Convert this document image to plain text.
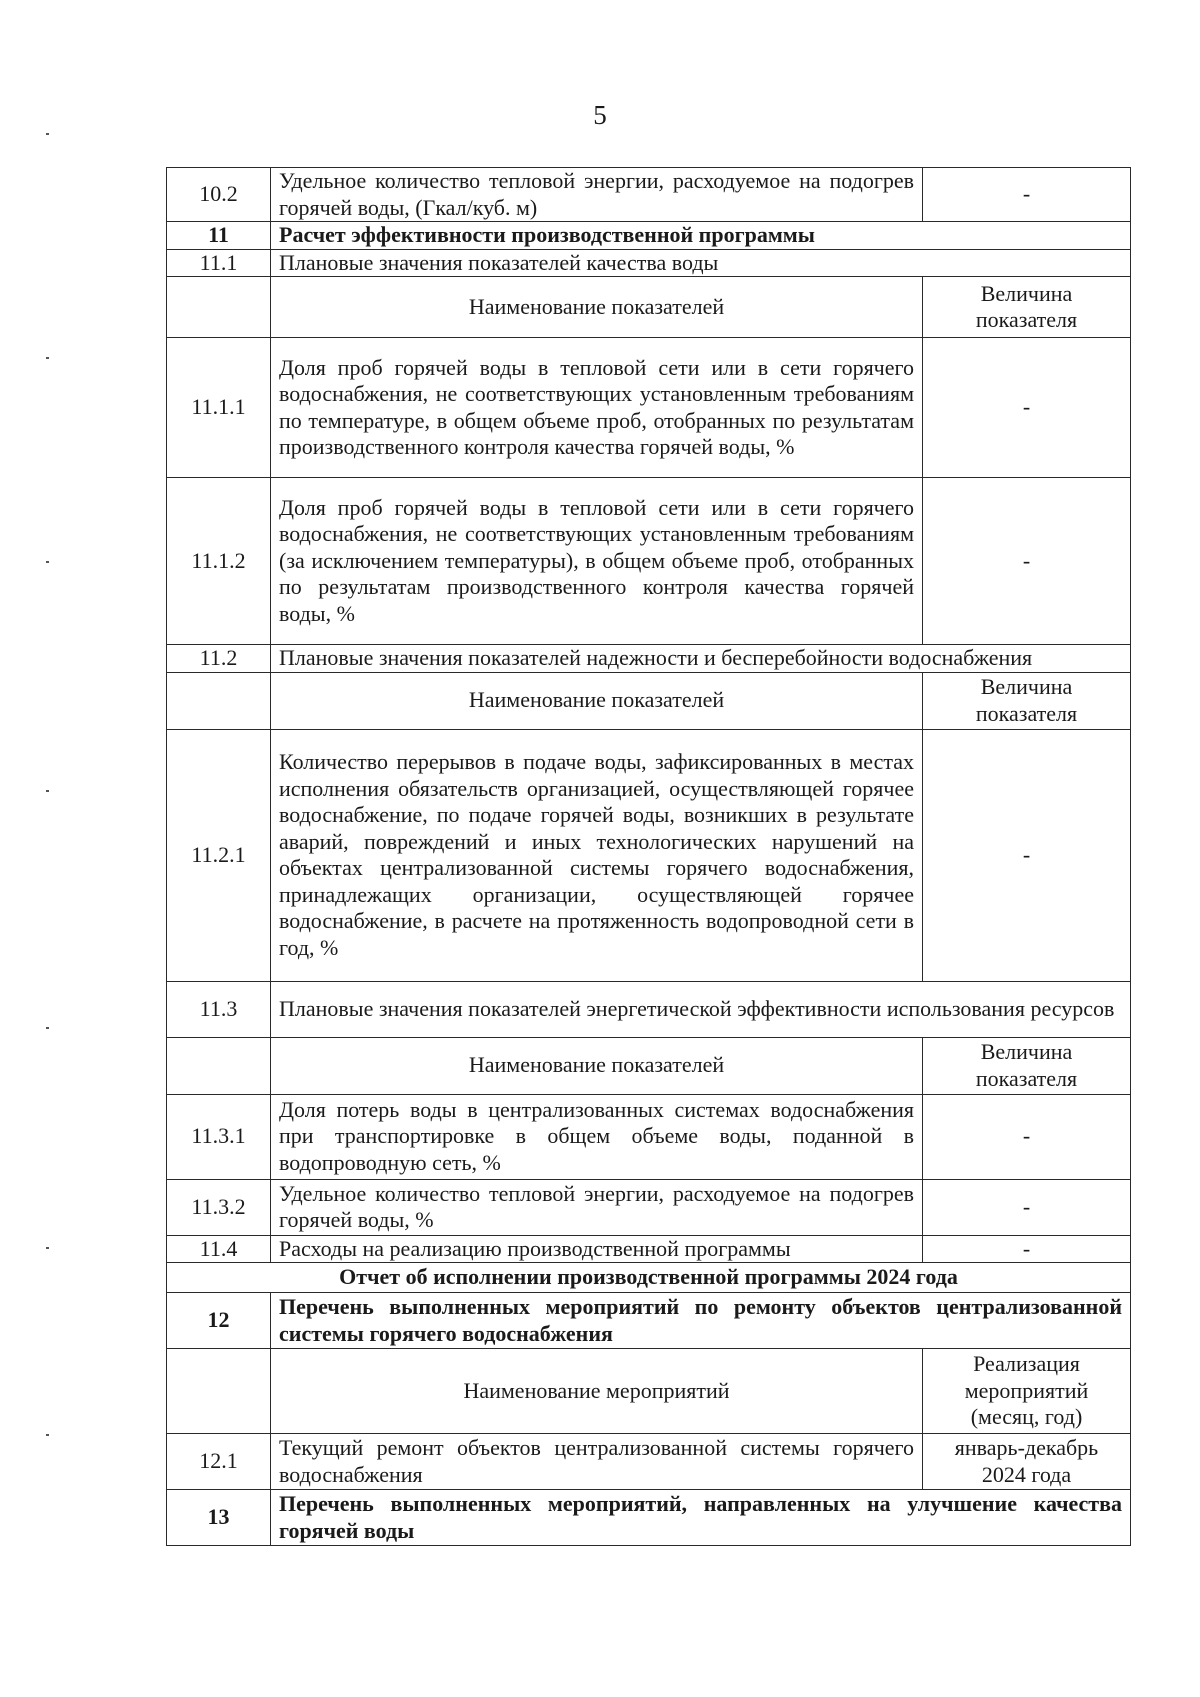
5
10.2	Удельное количество тепловой энергии, расходуемое на подогрев горячей воды, (Гкал/куб. м)	-
11	Расчет эффективности производственной программы	
11.1	Плановые значения показателей качества воды	
	Наименование показателей	Величина показателя
11.1.1	Доля проб горячей воды в тепловой сети или в сети горячего водоснабжения, не соответствующих установленным требованиям по температуре, в общем объеме проб, отобранных по результатам производственного контроля качества горячей воды, %	-
11.1.2	Доля проб горячей воды в тепловой сети или в сети горячего водоснабжения, не соответствующих установленным требованиям (за исключением температуры), в общем объеме проб, отобранных по результатам производственного контроля качества горячей воды, %	-
11.2	Плановые значения показателей надежности и бесперебойности водоснабжения	
	Наименование показателей	Величина показателя
11.2.1	Количество перерывов в подаче воды, зафиксированных в местах исполнения обязательств организацией, осуществляющей горячее водоснабжение, по подаче горячей воды, возникших в результате аварий, повреждений и иных технологических нарушений на объектах централизованной системы горячего водоснабжения, принадлежащих организации, осуществляющей горячее водоснабжение, в расчете на протяженность водопроводной сети в год, %	-
11.3	Плановые значения показателей энергетической эффективности использования ресурсов	
	Наименование показателей	Величина показателя
11.3.1	Доля потерь воды в централизованных системах водоснабжения при транспортировке в общем объеме воды, поданной в водопроводную сеть, %	-
11.3.2	Удельное количество тепловой энергии, расходуемое на подогрев горячей воды, %	-
11.4	Расходы на реализацию производственной программы	-
Отчет об исполнении производственной программы 2024 года		
12	Перечень выполненных мероприятий по ремонту объектов централизованной системы горячего водоснабжения	
	Наименование мероприятий	Реализация мероприятий (месяц, год)
12.1	Текущий ремонт объектов централизованной системы горячего водоснабжения	январь-декабрь 2024 года
13	Перечень выполненных мероприятий, направленных на улучшение качества горячей воды	
